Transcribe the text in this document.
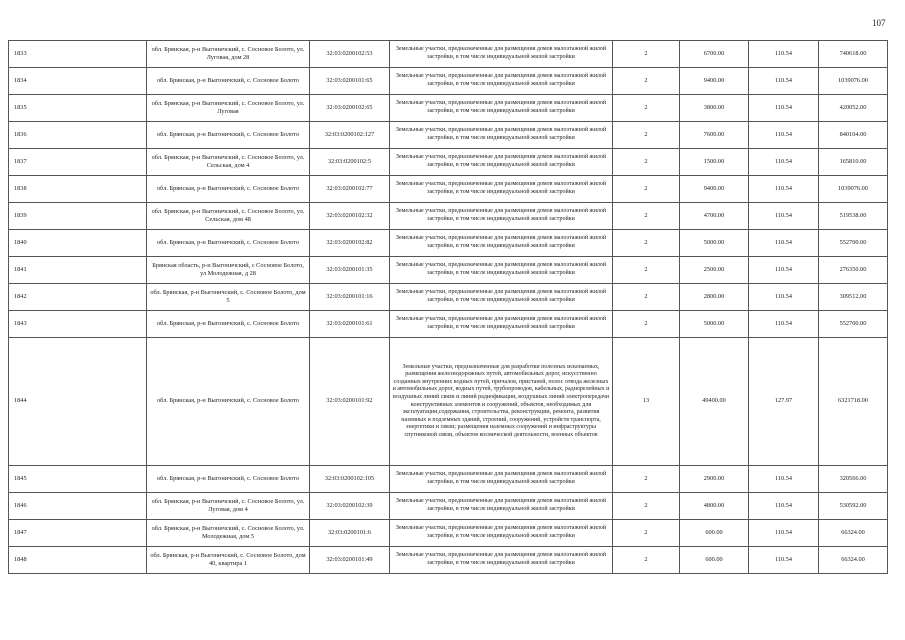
107
1833	обл. Брянская, р-н Выгоничский, с. Сосновое Болото, ул. Луговая, дом 28	32:03:0200102:53	Земельные участки, предназначенные для размещения домов малоэтажной жилой застройки, в том числе индивидуальной жилой застройки	2	6700.00	110.54	740618.00
1834	обл. Брянская, р-н Выгоничский, с. Сосновое Болото	32:03:0200101:65	Земельные участки, предназначенные для размещения домов малоэтажной жилой застройки, в том числе индивидуальной жилой застройки	2	9400.00	110.54	1039076.00
1835	обл. Брянская, р-н Выгоничский, с. Сосновое Болото, ул. Луговая	32:03:0200102:65	Земельные участки, предназначенные для размещения домов малоэтажной жилой застройки, в том числе индивидуальной жилой застройки	2	3800.00	110.54	420052.00
1836	обл. Брянская, р-н Выгоничский, с. Сосновое Болото	32:03:0200102:127	Земельные участки, предназначенные для размещения домов малоэтажной жилой застройки, в том числе индивидуальной жилой застройки	2	7600.00	110.54	840104.00
1837	обл. Брянская, р-н Выгоничский, с. Сосновое Болото, ул. Сельская, дом 4	32:03:0200102:5	Земельные участки, предназначенные для размещения домов малоэтажной жилой застройки, в том числе индивидуальной жилой застройки	2	1500.00	110.54	165810.00
1838	обл. Брянская, р-н Выгоничский, с. Сосновое Болото	32:03:0200102:77	Земельные участки, предназначенные для размещения домов малоэтажной жилой застройки, в том числе индивидуальной жилой застройки	2	9400.00	110.54	1039076.00
1839	обл. Брянская, р-н Выгоничский, с. Сосновое Болото, ул. Сельская, дом 48	32:03:0200102:32	Земельные участки, предназначенные для размещения домов малоэтажной жилой застройки, в том числе индивидуальной жилой застройки	2	4700.00	110.54	519538.00
1840	обл. Брянская, р-н Выгоничский, с. Сосновое Болото	32:03:0200102:82	Земельные участки, предназначенные для размещения домов малоэтажной жилой застройки, в том числе индивидуальной жилой застройки	2	5000.00	110.54	552700.00
1841	Брянская область, р-н Выгоничский, с Сосновое Болото, ул Молодежная, д 28	32:03:0200101:35	Земельные участки, предназначенные для размещения домов малоэтажной жилой застройки, в том числе индивидуальной жилой застройки	2	2500.00	110.54	276350.00
1842	обл. Брянская, р-н Выгоничский, с. Сосновое Болото, дом 5	32:03:0200101:16	Земельные участки, предназначенные для размещения домов малоэтажной жилой застройки, в том числе индивидуальной жилой застройки	2	2800.00	110.54	309512.00
1843	обл. Брянская, р-н Выгоничский, с. Сосновое Болото	32:03:0200101:61	Земельные участки, предназначенные для размещения домов малоэтажной жилой застройки, в том числе индивидуальной жилой застройки	2	5000.00	110.54	552700.00
1844	обл. Брянская, р-н Выгоничский, с. Сосновое Болото	32:03:0200101:92	Земельные участки, предназначенные для разработки полезных ископаемых, размещения железнодорожных путей, автомобильных дорог, искусственно созданных внутренних водных путей, причалов, пристаней, полос отвода железных и автомобильных дорог, водных путей, трубопроводов, кабельных, радиорелейных и воздушных линий связи и линий радиофикации, воздушных линий электропередачи конструктивных элементов и сооружений, объектов, необходимых для эксплуатации,содержания, строительства, реконструкции, ремонта, развития наземных и подземных зданий, строений, сооружений, устройств транспорта, энергетики и связи; размещения наземных сооружений и инфраструктуры спутниковой связи, объектов космической деятельности, военных объектов	13	49400.00	127.97	6321718.00
1845	обл. Брянская, р-н Выгоничский, с. Сосновое Болото	32:03:0200102:105	Земельные участки, предназначенные для размещения домов малоэтажной жилой застройки, в том числе индивидуальной жилой застройки	2	2900.00	110.54	320566.00
1846	обл. Брянская, р-н Выгоничский, с. Сосновое Болото, ул. Луговая, дом 4	32:03:0200102:39	Земельные участки, предназначенные для размещения домов малоэтажной жилой застройки, в том числе индивидуальной жилой застройки	2	4800.00	110.54	530592.00
1847	обл. Брянская, р-н Выгоничский, с. Сосновое Болото, ул. Молодежная, дом 5	32:03:0200101:6	Земельные участки, предназначенные для размещения домов малоэтажной жилой застройки, в том числе индивидуальной жилой застройки	2	600.00	110.54	66324.00
1848	обл. Брянская, р-н Выгоничский, с. Сосновое Болото, дом 40, квартира 1	32:03:0200101:49	Земельные участки, предназначенные для размещения домов малоэтажной жилой застройки, в том числе индивидуальной жилой застройки	2	600.00	110.54	66324.00
